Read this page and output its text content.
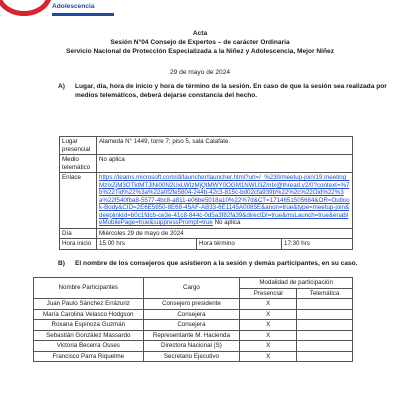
Adolescencia
Acta
Sesión N°04 Consejo de Expertos – de carácter Ordinaria
Servicio Nacional de Protección Especializada a la Niñez y Adolescencia, Mejor Niñez
29 de mayo de 2024
A) Lugar, día, hora de inicio y hora de término de la sesión. En caso de que la sesión sea realizada por medios telemáticos, deberá dejarse constancia del hecho.
Lugar presencial	Alameda N° 1449, torre 7; piso 5, sala Calafate.		
Medio telemático	No aplica		
Enlace	https://teams.microsoft.com/dl/launcher/launcher.html?url=/_%23/l/meetup-join/19:meeting_MzIxZjM3OTktMTJlNi00N2UxLWIzMjQtMWY0OGM1NWU3ZmIx@thread.v2/0?context=%7b%22Tid%22%3a%22a0f2fe5804-244b-42c3-815c-bd02cfa939b%22%2c%22Oid%22%3a%22f540fba8-5577-4bc8-a811-e06be5018a10%22%7d&CT=1714651505684&OR=Outlook-Body&CID=2E6E5850-8E68-45AF-AB33-6E1145A0085E&anon=true&type=meetup-join&deeplinkId=b0c1fdcb-ce3e-41c8-844c-0d5a3f82fa39&directDI=true&msLaunch=true&enableMobilePage=true&suppressPrompt=true No aplica		
Día	Miércoles 29 de mayo de 2024		
Hora inicio	15.00 hrs	Hora término	17:30 hrs
B) El nombre de los consejeros que asistieron a la sesión y demás participantes, en su caso.
Nombre Participantes	Cargo	Modalidad de participación	
		Presencial	Telemática
Juan Paulo Sánchez Errázuriz	Consejero presidente	X	
María Carolina Velasco Hodgson	Consejera	X	
Roxana Espinoza Guzmán	Consejera	X	
Sebastián González Massardo	Representante M. Hacienda	X	
Victoria Becerra Osses	Directora Nacional (S)	X	
Francisco Parra Riquelme	Secretario Ejecutivo	X	
